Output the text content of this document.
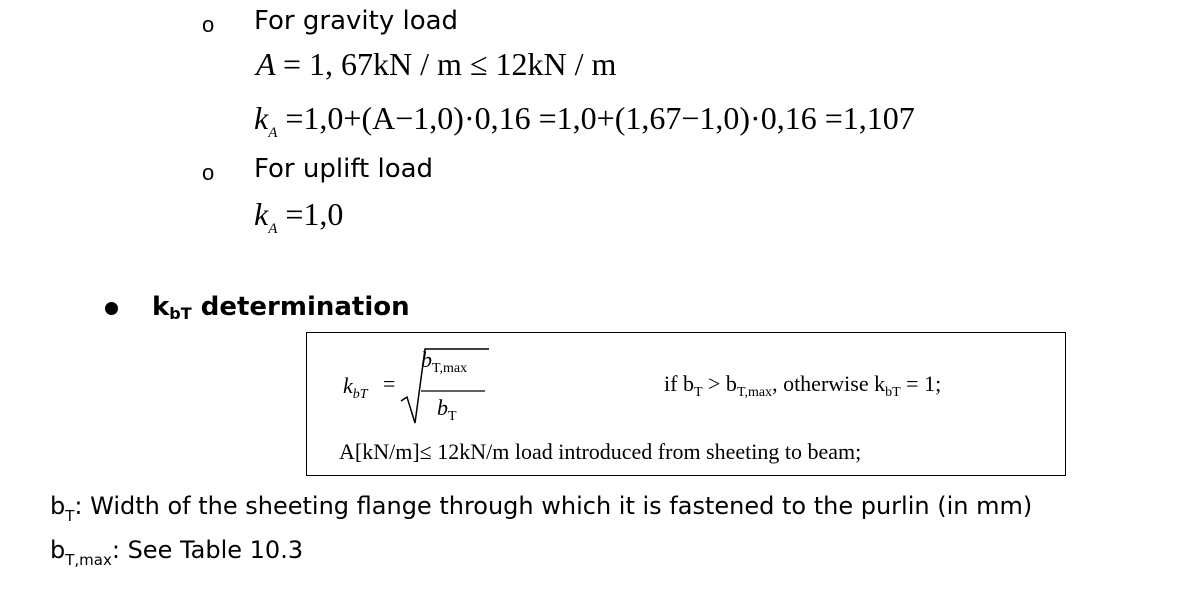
o For gravity load
A = 1, 67kN / m ≤ 12kN / m
$k_A =1,0+(A-1,0)\cdot 0,16 =1,0+(1,67-1,0)\cdot 0,16 =1,107$
o For uplift load
$k_A =1,0$
kbT determination
$k_{bT}$ =
$b_{T,max}$
$b_T$
if $b_T > b_{T,max}$, otherwise $k_{bT} = 1$;
A[kN/m]≤ 12kN/m load introduced from sheeting to beam;
$b_T$: Width of the sheeting flange through which it is fastened to the purlin (in mm)
$b_{T,max}$: See Table 10.3
